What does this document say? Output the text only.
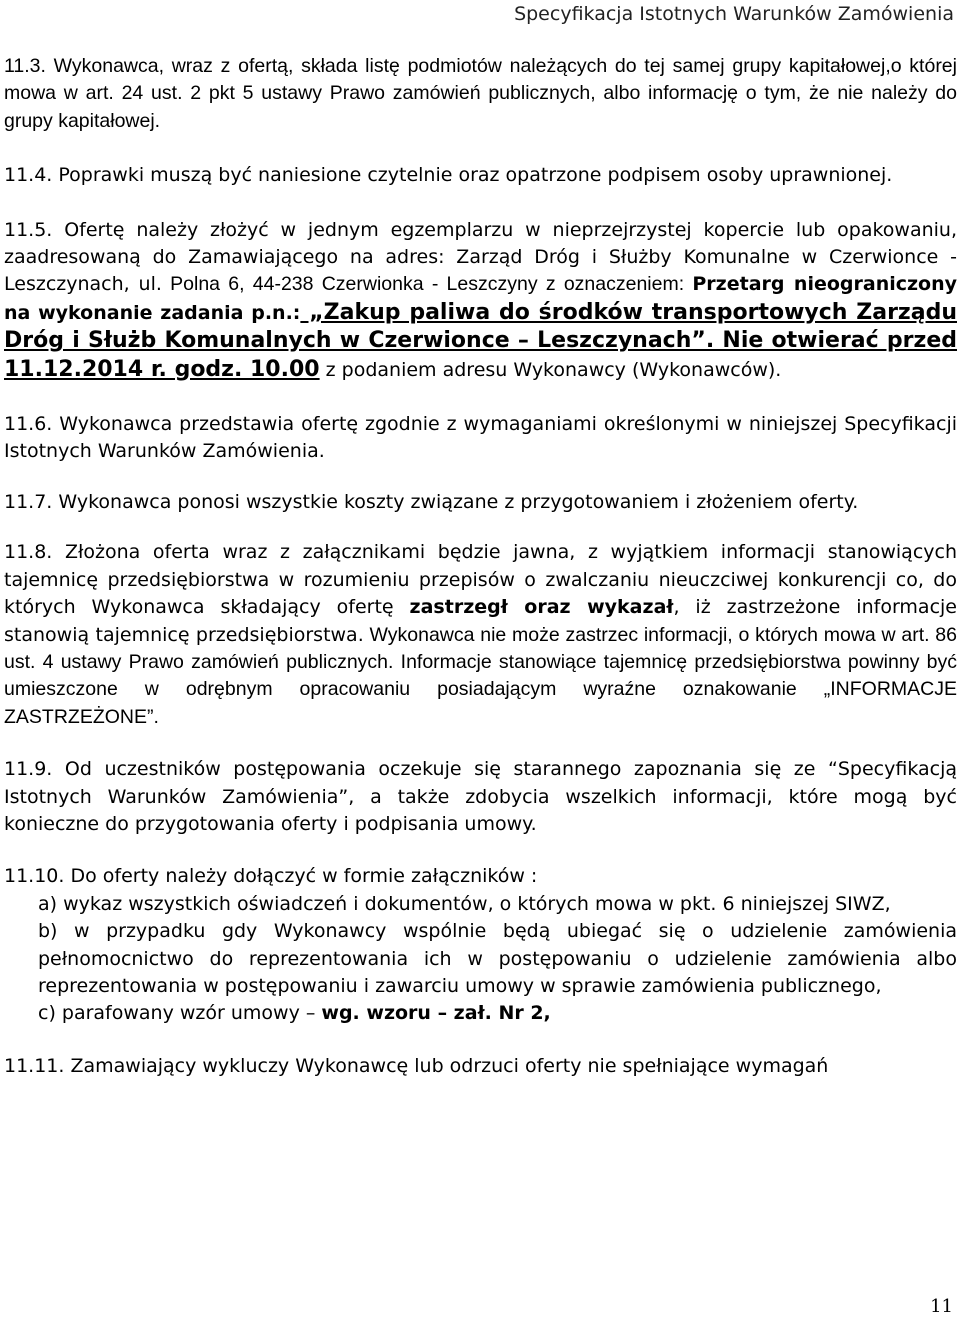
Specyfikacja Istotnych Warunków Zamówienia

11.3. Wykonawca, wraz z ofertą, składa listę podmiotów należących do tej samej grupy kapitałowej,o której mowa w art. 24 ust. 2 pkt 5 ustawy Prawo zamówień publicznych, albo informację o tym, że nie należy do grupy kapitałowej.

11.4. Poprawki muszą być naniesione czytelnie oraz opatrzone podpisem osoby uprawnionej.

11.5. Ofertę należy złożyć w jednym egzemplarzu w nieprzejrzystej kopercie lub opakowaniu, zaadresowaną do Zamawiającego na adres: Zarząd Dróg i Służby Komunalne w Czerwionce - Leszczynach, ul. Polna 6, 44-238 Czerwionka - Leszczyny z oznaczeniem: Przetarg nieograniczony na wykonanie zadania p.n.: „Zakup paliwa do środków transportowych Zarządu Dróg i Służb Komunalnych w Czerwionce – Leszczynach”. Nie otwierać przed 11.12.2014 r. godz. 10.00 z podaniem adresu Wykonawcy (Wykonawców).

11.6. Wykonawca przedstawia ofertę zgodnie z wymaganiami określonymi w niniejszej Specyfikacji Istotnych Warunków Zamówienia.

11.7. Wykonawca ponosi wszystkie koszty związane z przygotowaniem i złożeniem oferty.

11.8. Złożona oferta wraz z załącznikami będzie jawna, z wyjątkiem informacji stanowiących tajemnicę przedsiębiorstwa w rozumieniu przepisów o zwalczaniu nieuczciwej konkurencji co, do których Wykonawca składający ofertę zastrzegł oraz wykazał, iż zastrzeżone informacje stanowią tajemnicę przedsiębiorstwa. Wykonawca nie może zastrzec informacji, o których mowa w art. 86 ust. 4 ustawy Prawo zamówień publicznych. Informacje stanowiące tajemnicę przedsiębiorstwa powinny być umieszczone w odrębnym opracowaniu posiadającym wyraźne oznakowanie „INFORMACJE ZASTRZEŻONE”.

11.9. Od uczestników postępowania oczekuje się starannego zapoznania się ze “Specyfikacją Istotnych Warunków Zamówienia”, a także zdobycia wszelkich informacji, które mogą być konieczne do przygotowania oferty i podpisania umowy.

11.10. Do oferty należy dołączyć w formie załączników :

a) wykaz wszystkich oświadczeń i dokumentów, o których mowa w pkt. 6 niniejszej SIWZ,

b) w przypadku gdy Wykonawcy wspólnie będą ubiegać się o udzielenie zamówienia pełnomocnictwo do reprezentowania ich w postępowaniu o udzielenie zamówienia albo reprezentowania w postępowaniu i zawarciu umowy w sprawie zamówienia publicznego,

c) parafowany wzór umowy – wg. wzoru – zał. Nr 2,

11.11. Zamawiający wykluczy Wykonawcę lub odrzuci oferty nie spełniające wymagań

11
